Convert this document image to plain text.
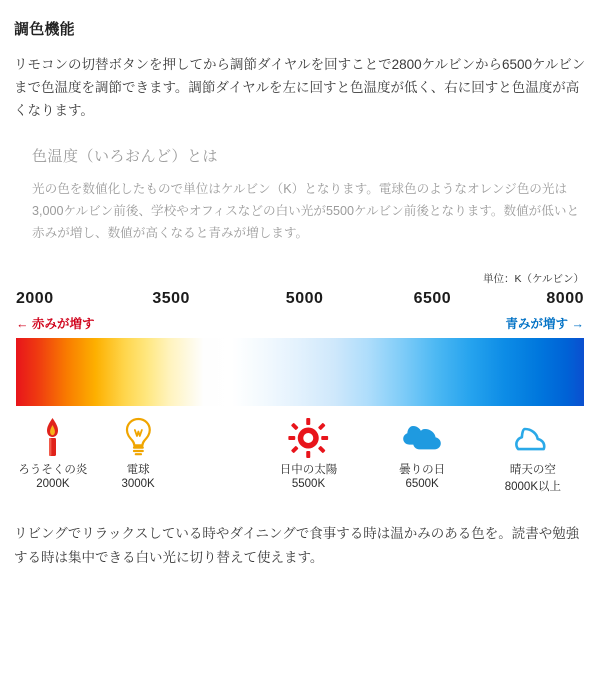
調色機能

リモコンの切替ボタンを押してから調節ダイヤルを回すことで2800ケルビンから6500ケルビンまで色温度を調節できます。調節ダイヤルを左に回すと色温度が低く、右に回すと色温度が高くなります。

色温度（いろおんど）とは

光の色を数値化したもので単位はケルビン（K）となります。電球色のようなオレンジ色の光は3,000ケルビン前後、学校やオフィスなどの白い光が5500ケルビン前後となります。数値が低いと赤みが増し、数値が高くなると青みが増します。

単位：K（ケルビン）
2000	3500	5000	6500	8000
← 赤みが増す	青みが増す →
ろうそくの炎
2000K
電球
3000K
日中の太陽
5500K
曇りの日
6500K
晴天の空
8000K以上

リビングでリラックスしている時やダイニングで食事する時は温かみのある色を。読書や勉強する時は集中できる白い光に切り替えて使えます。
